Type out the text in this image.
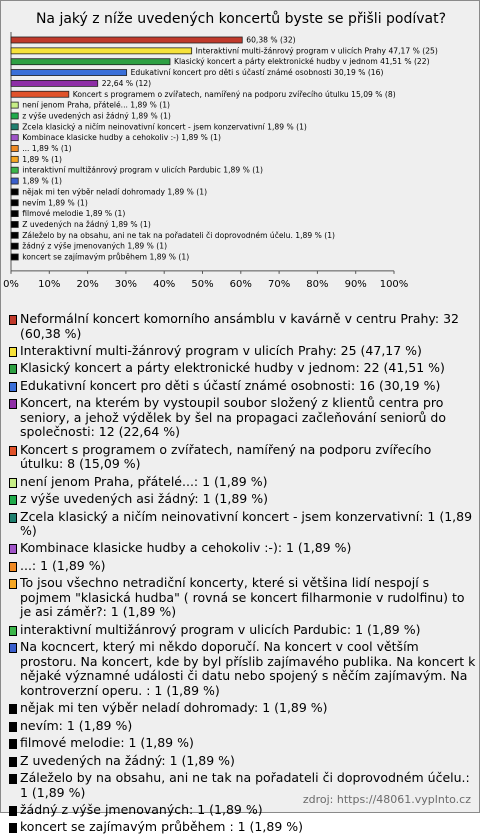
Na jaký z níže uvedených koncertů byste se přišli podívat?
0% 10% 20% 30% 40% 50% 60% 70% 80% 90% 100%
60,38 % (32)
Interaktivní multi-žánrový program v ulicích Prahy 47,17 % (25)
Klasický koncert a párty elektronické hudby v jednom 41,51 % (22)
Edukativní koncert pro děti s účastí známé osobnosti 30,19 % (16)
22,64 % (12)
Koncert s programem o zvířatech, namířený na podporu zvířecího útulku 15,09 % (8)
není jenom Praha, přátelé... 1,89 % (1)
z výše uvedených asi žádný 1,89 % (1)
Zcela klasický a ničím neinovativní koncert - jsem konzervativní 1,89 % (1)
Kombinace klasicke hudby a cehokoliv :-) 1,89 % (1)
... 1,89 % (1)
1,89 % (1)
interaktivní multižánrový program v ulicích Pardubic 1,89 % (1)
1,89 % (1)
nějak mi ten výběr neladí dohromady 1,89 % (1)
nevím 1,89 % (1)
filmové melodie 1,89 % (1)
Z uvedených na žádný 1,89 % (1)
Záleželo by na obsahu, ani ne tak na pořadateli či doprovodném účelu. 1,89 % (1)
žádný z výše jmenovaných 1,89 % (1)
koncert se zajímavým průběhem 1,89 % (1)
Neformální koncert komorního ansámblu v kavárně v centru Prahy: 32 (60,38 %)
Interaktivní multi-žánrový program v ulicích Prahy: 25 (47,17 %)
Klasický koncert a párty elektronické hudby v jednom: 22 (41,51 %)
Edukativní koncert pro děti s účastí známé osobnosti: 16 (30,19 %)
Koncert, na kterém by vystoupil soubor složený z klientů centra pro seniory, a jehož výdělek by šel na propagaci začleňování seniorů do společnosti: 12 (22,64 %)
Koncert s programem o zvířatech, namířený na podporu zvířecího útulku: 8 (15,09 %)
není jenom Praha, přátelé...: 1 (1,89 %)
z výše uvedených asi žádný: 1 (1,89 %)
Zcela klasický a ničím neinovativní koncert - jsem konzervativní: 1 (1,89 %)
Kombinace klasicke hudby a cehokoliv :-): 1 (1,89 %)
...: 1 (1,89 %)
To jsou všechno netradiční koncerty, které si většina lidí nespojí s pojmem "klasická hudba" ( rovná se koncert filharmonie v rudolfinu) to je asi záměr?: 1 (1,89 %)
interaktivní multižánrový program v ulicích Pardubic: 1 (1,89 %)
Na kocncert, který mi někdo doporučí. Na koncert v cool větším prostoru. Na koncert, kde by byl příslib zajímavého publika. Na koncert k nějaké významné události či datu nebo spojený s něčím zajímavým. Na kontroverzní operu. : 1 (1,89 %)
nějak mi ten výběr neladí dohromady: 1 (1,89 %)
nevím: 1 (1,89 %)
filmové melodie: 1 (1,89 %)
Z uvedených na žádný: 1 (1,89 %)
Záleželo by na obsahu, ani ne tak na pořadateli či doprovodném účelu.: 1 (1,89 %)
žádný z výše jmenovaných: 1 (1,89 %)
koncert se zajímavým průběhem : 1 (1,89 %)
zdroj: https://48061.vyplnto.cz
